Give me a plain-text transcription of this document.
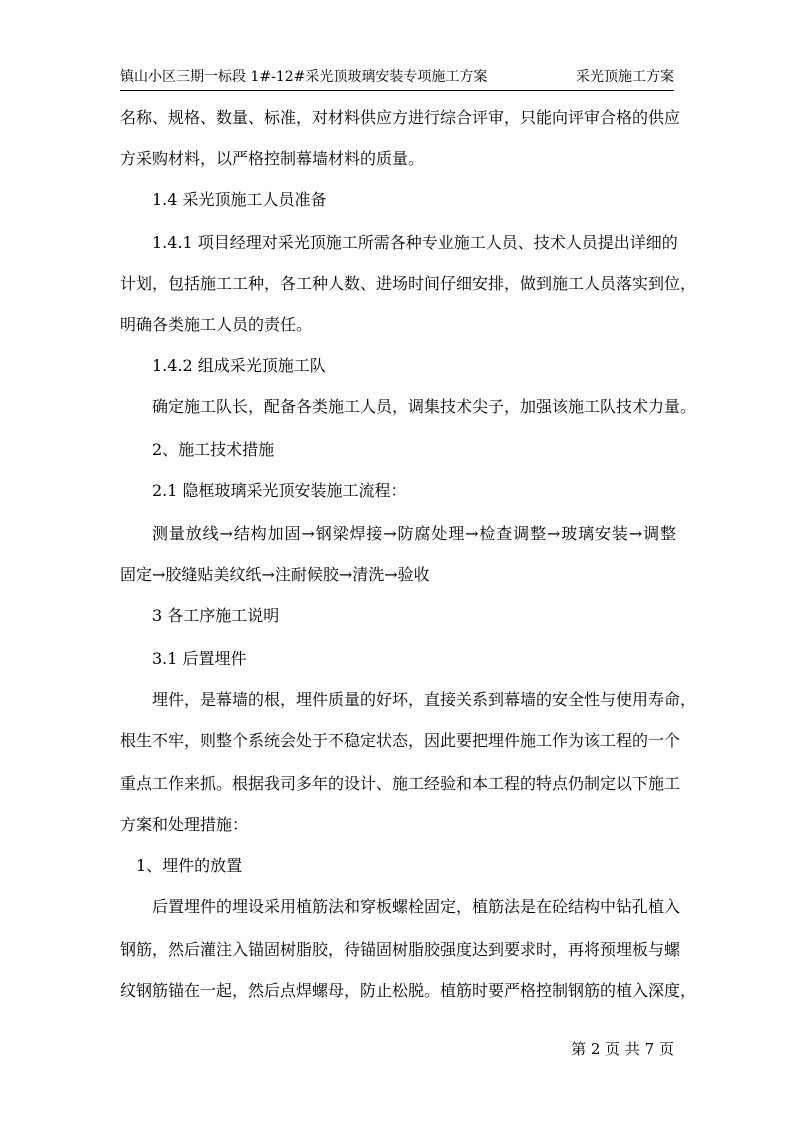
镇山小区三期一标段 1#-12#采光顶玻璃安装专项施工方案	采光顶施工方案
名称、规格、数量、标准，对材料供应方进行综合评审，只能向评审合格的供应
方采购材料，以严格控制幕墙材料的质量。
1.4 采光顶施工人员准备
1.4.1 项目经理对采光顶施工所需各种专业施工人员、技术人员提出详细的
计划，包括施工工种，各工种人数、进场时间仔细安排，做到施工人员落实到位，
明确各类施工人员的责任。
1.4.2 组成采光顶施工队
确定施工队长，配备各类施工人员，调集技术尖子，加强该施工队技术力量。
2、施工技术措施
2.1 隐框玻璃采光顶安装施工流程：
测量放线→结构加固→钢梁焊接→防腐处理→检查调整→玻璃安装→调整
固定→胶缝贴美纹纸→注耐候胶→清洗→验收
3 各工序施工说明
3.1 后置埋件
埋件，是幕墙的根，埋件质量的好坏，直接关系到幕墙的安全性与使用寿命，
根生不牢，则整个系统会处于不稳定状态，因此要把埋件施工作为该工程的一个
重点工作来抓。根据我司多年的设计、施工经验和本工程的特点仍制定以下施工
方案和处理措施：
1、埋件的放置
后置埋件的埋设采用植筋法和穿板螺栓固定，植筋法是在砼结构中钻孔植入
钢筋，然后灌注入锚固树脂胶，待锚固树脂胶强度达到要求时，再将预埋板与螺
纹钢筋锚在一起，然后点焊螺母，防止松脱。植筋时要严格控制钢筋的植入深度，
第 2 页 共 7 页
